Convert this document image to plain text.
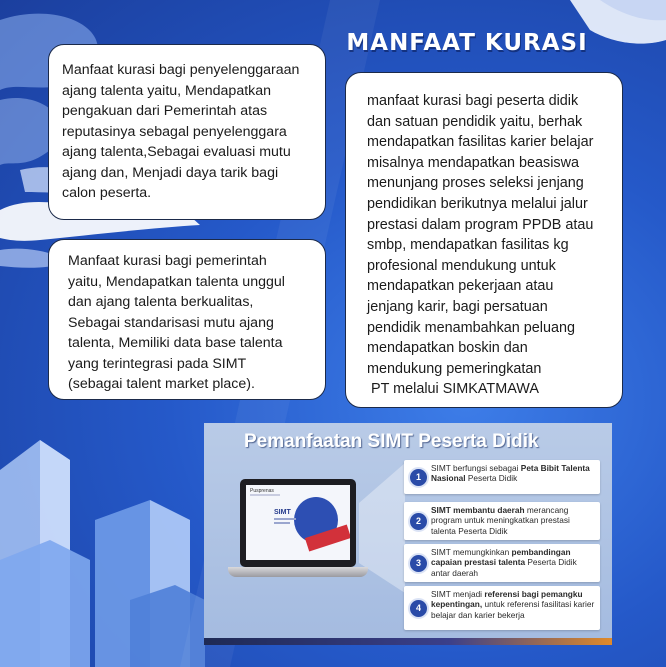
MANFAAT KURASI
Manfaat kurasi bagi penyelenggaraan
ajang talenta yaitu, Mendapatkan
pengakuan dari Pemerintah atas
reputasinya sebagal penyelenggara
ajang talenta,Sebagai evaluasi mutu
ajang dan, Menjadi daya tarik bagi
calon peserta.
Manfaat kurasi bagi pemerintah
yaitu, Mendapatkan talenta unggul
dan ajang talenta berkualitas,
Sebagai standarisasi mutu ajang
talenta, Memiliki data base talenta
yang terintegrasi pada SIMT
(sebagai talent market place).
manfaat kurasi bagi peserta didik
dan satuan pendidik yaitu, berhak
mendapatkan fasilitas karier belajar
misalnya mendapatkan beasiswa
menunjang proses seleksi jenjang
pendidikan berikutnya melalui jalur
prestasi dalam program PPDB atau
smbp, mendapatkan fasilitas kg
profesional mendukung untuk
mendapatkan pekerjaan atau
jenjang karir, bagi persatuan
pendidik menambahkan peluang
mendapatkan boskin dan
mendukung pemeringkatan
PT melalui SIMKATMAWA
Pemanfaatan SIMT Peserta Didik
Pusprenas
SIMT
1
SIMT berfungsi sebagai Peta Bibit Talenta Nasional Peserta Didik
2
SIMT membantu daerah merancang program untuk meningkatkan prestasi talenta Peserta Didik
3
SIMT memungkinkan pembandingan capaian prestasi talenta Peserta Didik antar daerah
4
SIMT menjadi referensi bagi pemangku kepentingan, untuk referensi fasilitasi karier belajar dan karier bekerja
